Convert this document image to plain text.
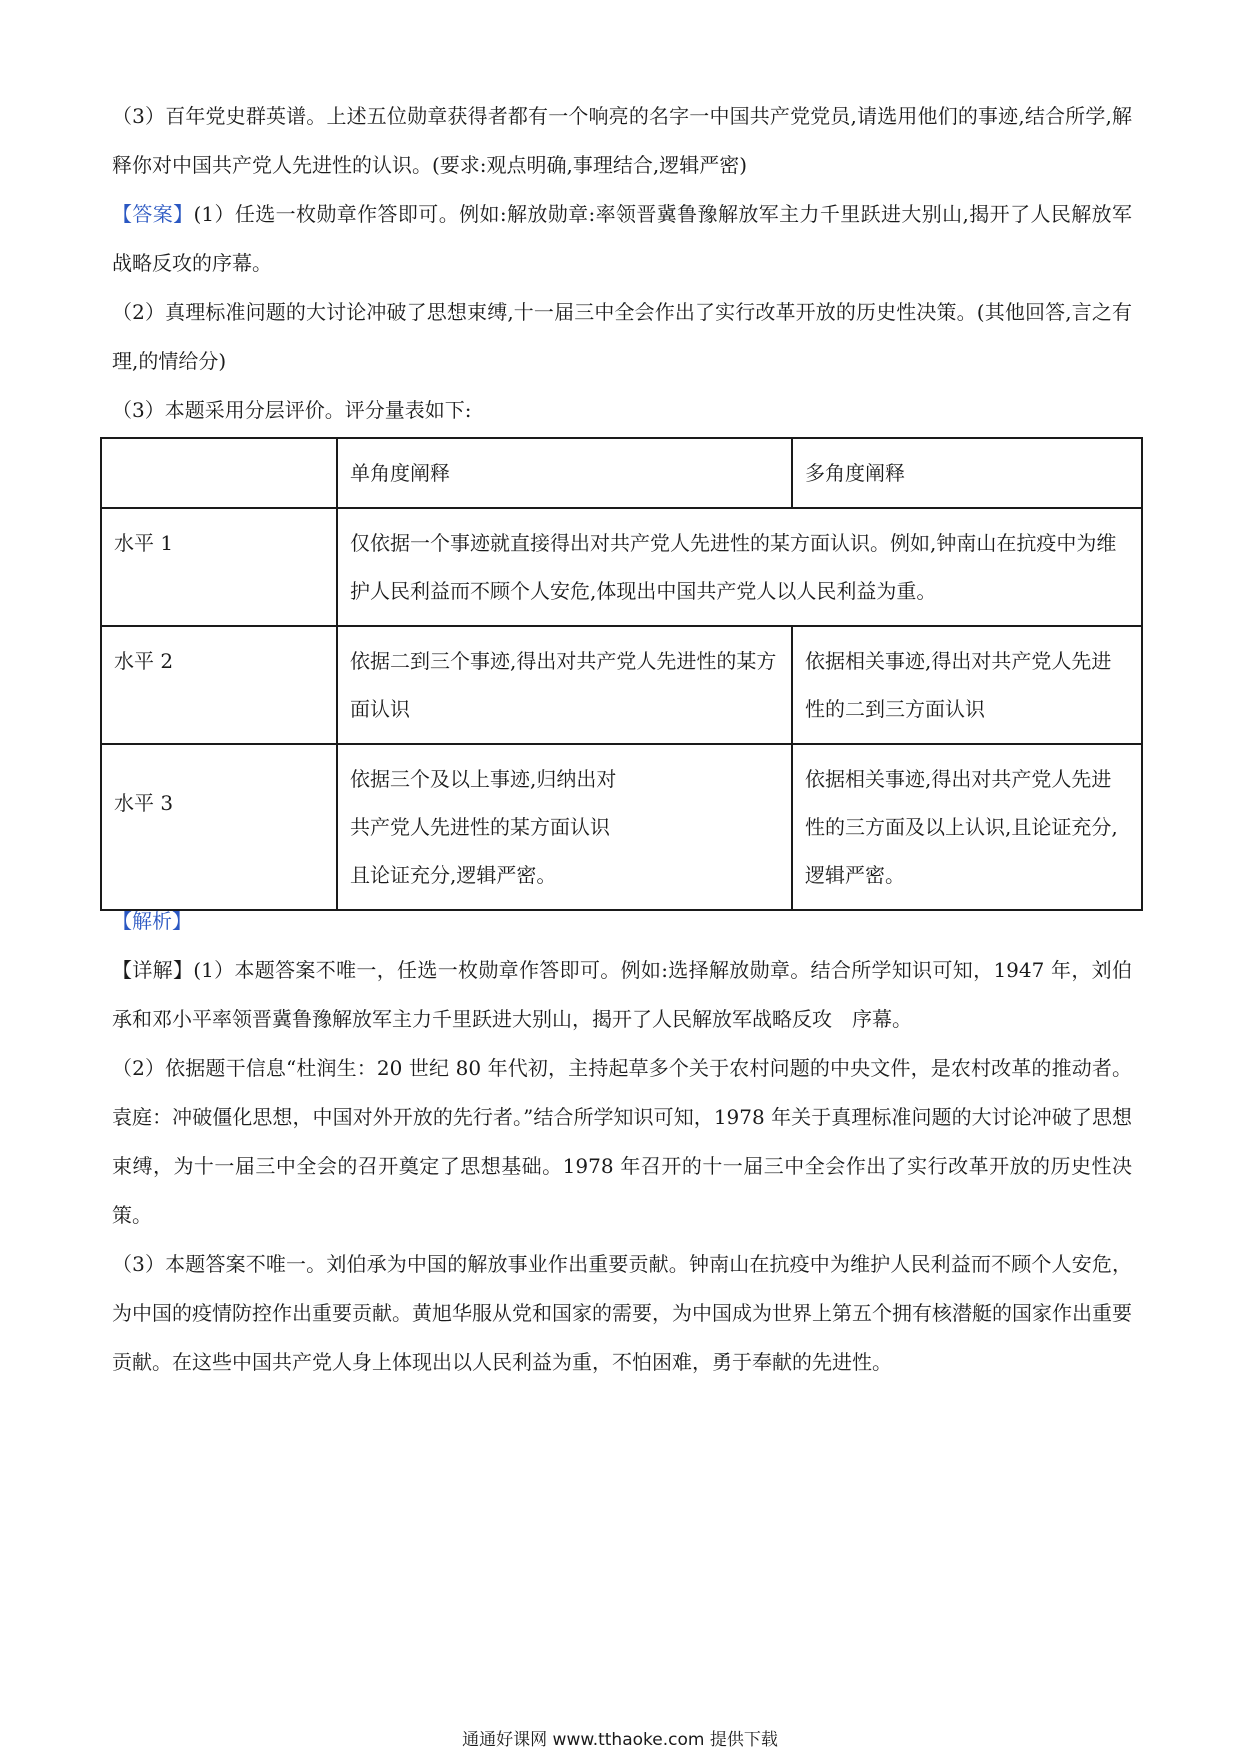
（3）百年党史群英谱。上述五位勋章获得者都有一个响亮的名字一中国共产党党员,请选用他们的事迹,结合所学,解释你对中国共产党人先进性的认识。(要求:观点明确,事理结合,逻辑严密)

【答案】(1）任选一枚勋章作答即可。例如:解放勋章:率领晋冀鲁豫解放军主力千里跃进大别山,揭开了人民解放军战略反攻的序幕。

（2）真理标准问题的大讨论冲破了思想束缚,十一届三中全会作出了实行改革开放的历史性决策。(其他回答,言之有理,的情给分)

（3）本题采用分层评价。评分量表如下:

	单角度阐释	多角度阐释
水平 1	仅依据一个事迹就直接得出对共产党人先进性的某方面认识。例如,钟南山在抗疫中为维护人民利益而不顾个人安危,体现出中国共产党人以人民利益为重。	
水平 2	依据二到三个事迹,得出对共产党人先进性的某方面认识	依据相关事迹,得出对共产党人先进性的二到三方面认识
水平 3	依据三个及以上事迹,归纳出对
共产党人先进性的某方面认识
且论证充分,逻辑严密。	依据相关事迹,得出对共产党人先进性的三方面及以上认识,且论证充分,逻辑严密。

【解析】

【详解】(1）本题答案不唯一，任选一枚勋章作答即可。例如:选择解放勋章。结合所学知识可知，1947 年，刘伯承和邓小平率领晋冀鲁豫解放军主力千里跃进大别山，揭开了人民解放军战略反攻　序幕。

（2）依据题干信息“杜润生：20 世纪 80 年代初，主持起草多个关于农村问题的中央文件，是农村改革的推动者。袁庭：冲破僵化思想，中国对外开放的先行者。”结合所学知识可知，1978 年关于真理标准问题的大讨论冲破了思想束缚，为十一届三中全会的召开奠定了思想基础。1978 年召开的十一届三中全会作出了实行改革开放的历史性决策。

（3）本题答案不唯一。刘伯承为中国的解放事业作出重要贡献。钟南山在抗疫中为维护人民利益而不顾个人安危，为中国的疫情防控作出重要贡献。黄旭华服从党和国家的需要，为中国成为世界上第五个拥有核潜艇的国家作出重要贡献。在这些中国共产党人身上体现出以人民利益为重，不怕困难，勇于奉献的先进性。

通通好课网 www.tthaoke.com 提供下载
